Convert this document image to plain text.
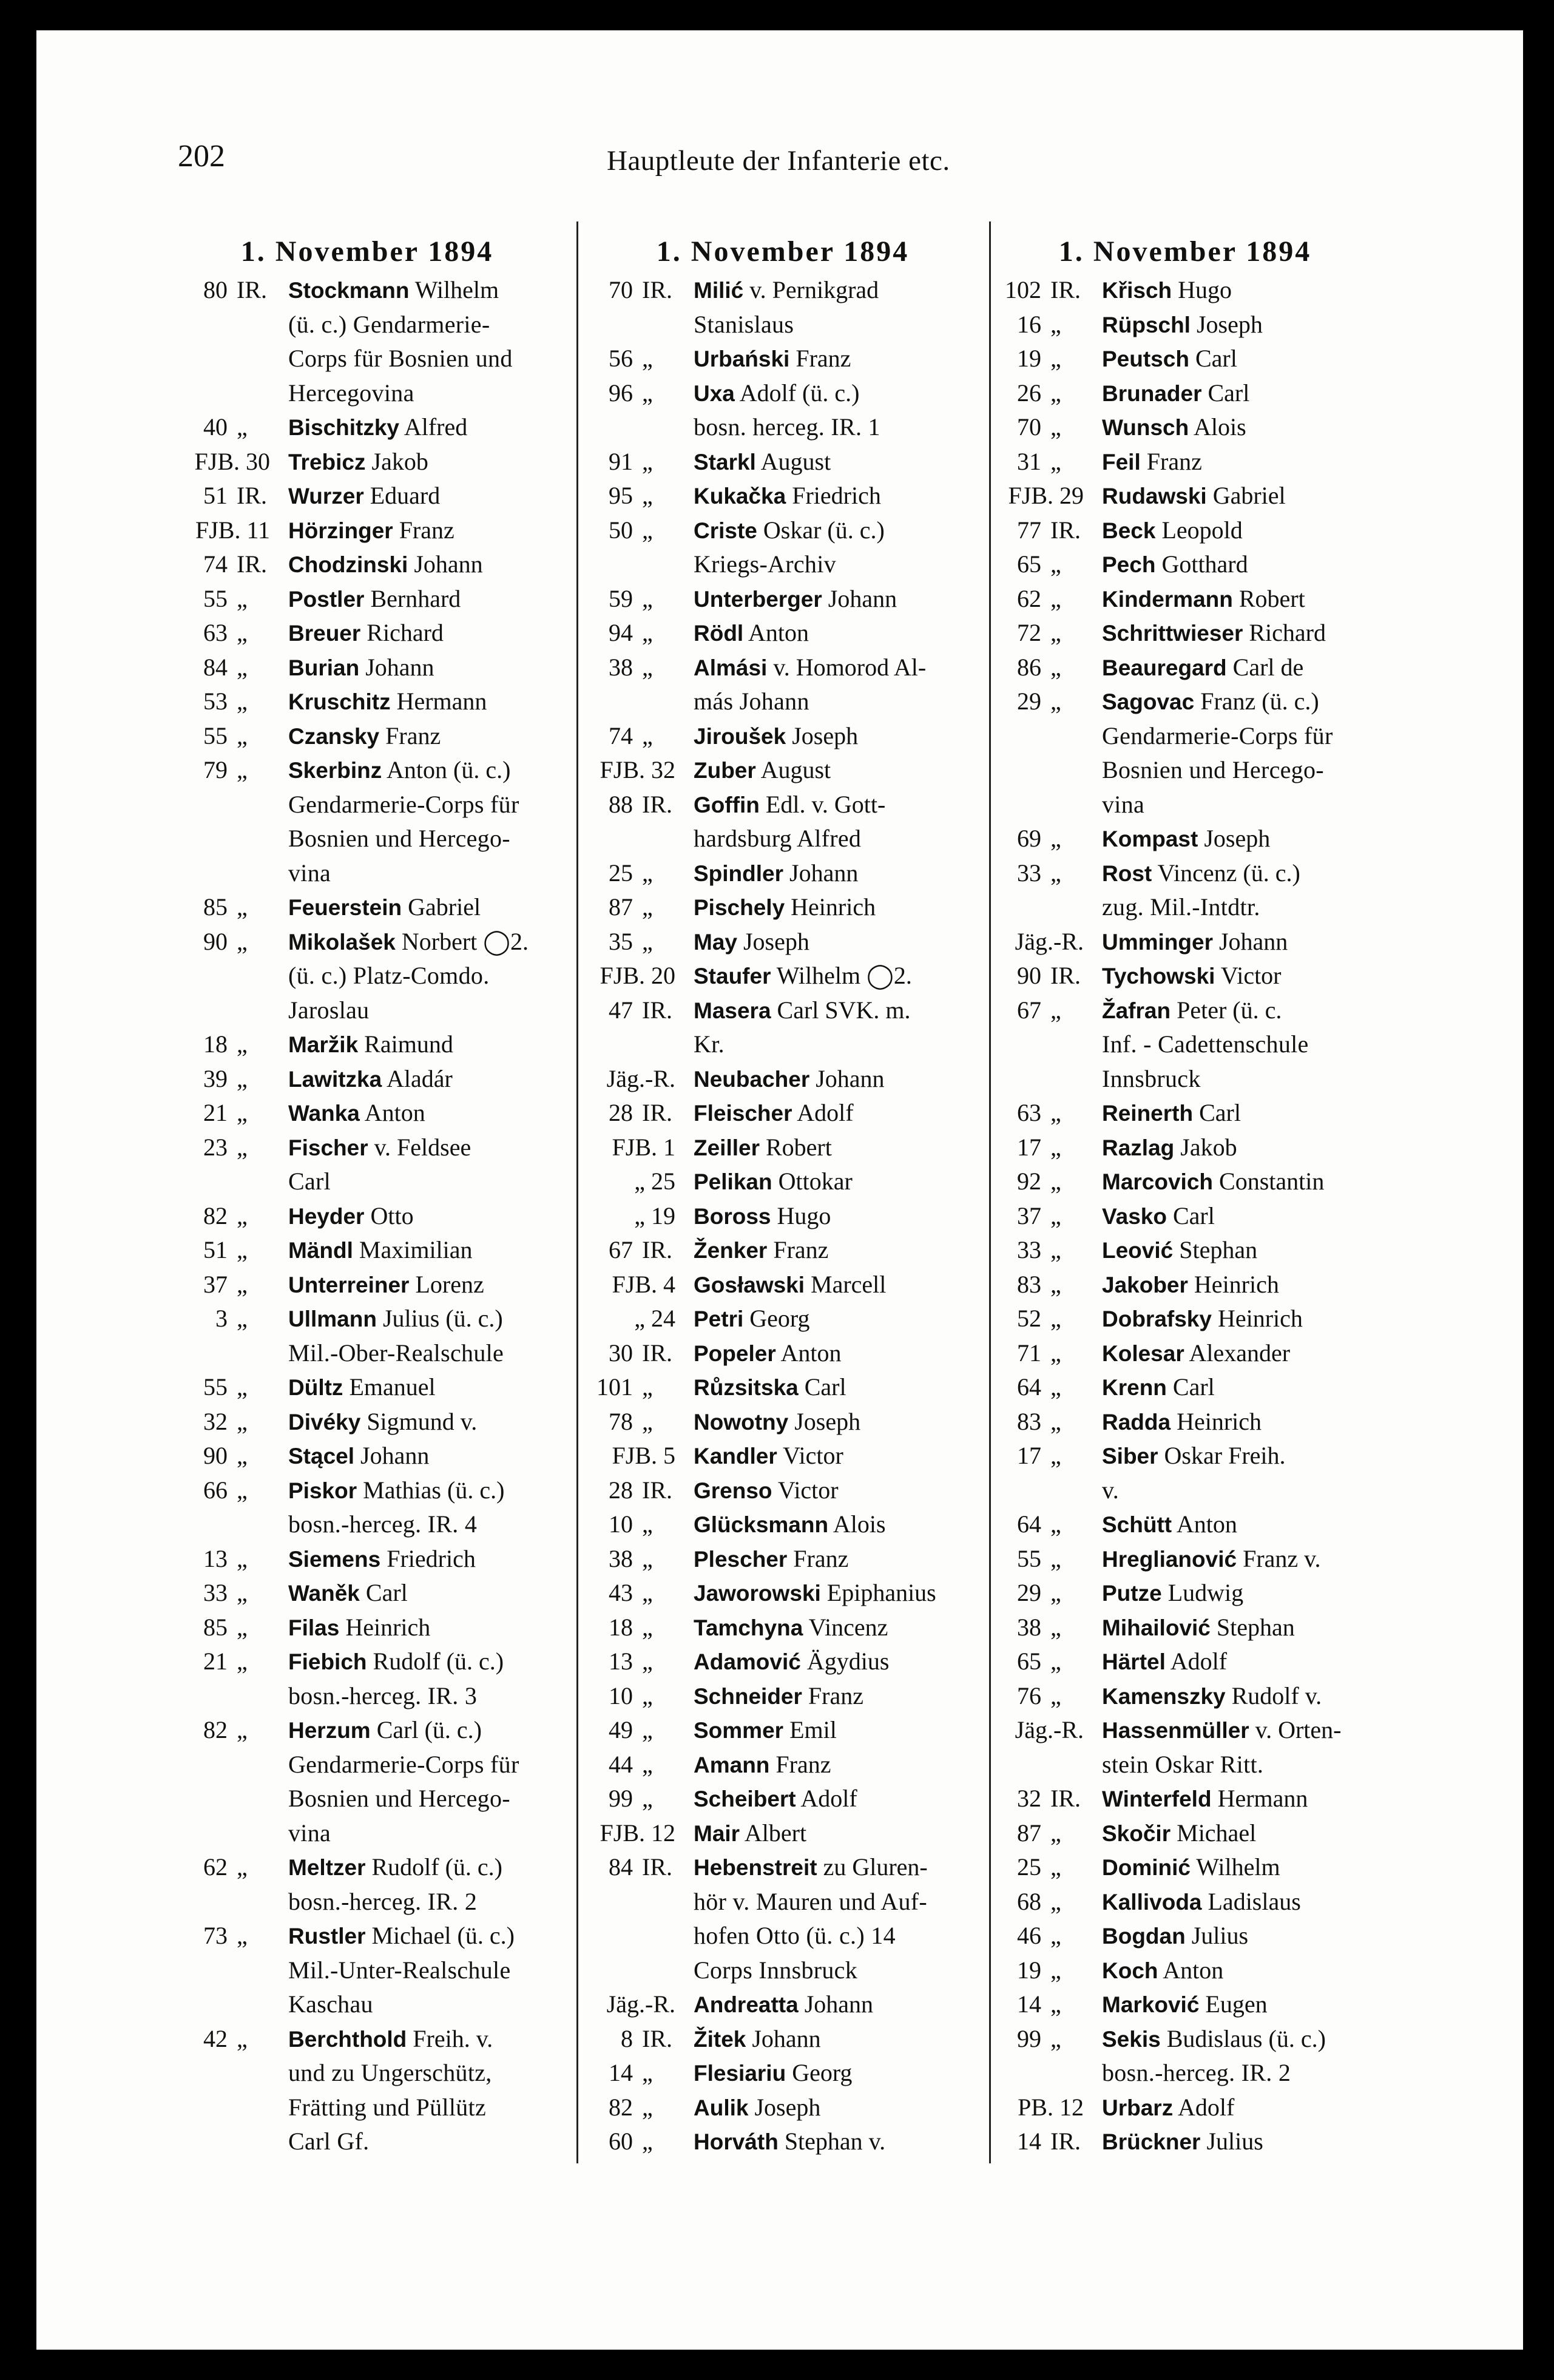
202	Hauptleute der Infanterie etc.
1. November 1894
80 IR. Stockmann Wilhelm
(ü. c.) Gendarmerie-
Corps für Bosnien und
Hercegovina
40 „	Bischitzky Alfred
FJB. 30 Trebicz Jakob
51 IR. Wurzer Eduard
FJB. 11 Hörzinger Franz
74 IR. Chodzinski Johann
55 „	Postler Bernhard
63 „	Breuer Richard
84 „	Burian Johann
53 „	Kruschitz Hermann
55 „	Czansky Franz
79 „	Skerbinz Anton (ü. c.)
Gendarmerie-Corps für
Bosnien und Hercego-
vina
85 „	Feuerstein Gabriel
90 „	Mikolašek Norbert ◯2.
(ü. c.) Platz-Comdo.
Jaroslau
18 „	Maržik Raimund
39 „	Lawitzka Aladár
21 „	Wanka Anton
23 „	Fischer v. Feldsee
Carl
82 „	Heyder Otto
51 „	Mändl Maximilian
37 „	Unterreiner Lorenz
3 „	Ullmann Julius (ü. c.)
Mil.-Ober-Realschule
55 „	Dültz Emanuel
32 „	Divéky Sigmund v.
90 „	Stącel Johann
66 „	Piskor Mathias (ü. c.)
bosn.-herceg. IR. 4
13 „	Siemens Friedrich
33 „	Waněk Carl
85 „	Filas Heinrich
21 „	Fiebich Rudolf (ü. c.)
bosn.-herceg. IR. 3
82 „	Herzum Carl (ü. c.)
Gendarmerie-Corps für
Bosnien und Hercego-
vina
62 „	Meltzer Rudolf (ü. c.)
bosn.-herceg. IR. 2
73 „	Rustler Michael (ü. c.)
Mil.-Unter-Realschule
Kaschau
42 „	Berchthold Freih. v.
und zu Ungerschütz,
Frätting und Püllütz
Carl Gf.
1. November 1894
70 IR. Milić v. Pernikgrad
Stanislaus
56 „	Urbański Franz
96 „	Uxa Adolf (ü. c.)
bosn. herceg. IR. 1
91 „	Starkl August
95 „	Kukačka Friedrich
50 „	Criste Oskar (ü. c.)
Kriegs-Archiv
59 „	Unterberger Johann
94 „	Rödl Anton
38 „	Almási v. Homorod Al-
más Johann
74 „	Jiroušek Joseph
FJB. 32 Zuber August
88 IR. Goffin Edl. v. Gott-
hardsburg Alfred
25 „	Spindler Johann
87 „	Pischely Heinrich
35 „	May Joseph
FJB. 20 Staufer Wilhelm ◯2.
47 IR. Masera Carl SVK. m.
Kr.
Jäg.-R. Neubacher Johann
28 IR. Fleischer Adolf
FJB. 1 Zeiller Robert
„ 25 Pelikan Ottokar
„ 19 Boross Hugo
67 IR. Ženker Franz
FJB. 4 Gosławski Marcell
„ 24 Petri Georg
30 IR. Popeler Anton
101 „	Růzsitska Carl
78 „	Nowotny Joseph
FJB. 5 Kandler Victor
28 IR. Grenso Victor
10 „	Glücksmann Alois
38 „	Plescher Franz
43 „	Jaworowski Epiphanius
18 „	Tamchyna Vincenz
13 „	Adamović Ägydius
10 „	Schneider Franz
49 „	Sommer Emil
44 „	Amann Franz
99 „	Scheibert Adolf
FJB. 12 Mair Albert
84 IR. Hebenstreit zu Gluren-
hör v. Mauren und Auf-
hofen Otto (ü. c.) 14
Corps Innsbruck
Jäg.-R. Andreatta Johann
8 IR. Žitek Johann
14 „	Flesiariu Georg
82 „	Aulik Joseph
60 „	Horváth Stephan v.
1. November 1894
102 IR. Křisch Hugo
16 „	Rüpschl Joseph
19 „	Peutsch Carl
26 „	Brunader Carl
70 „	Wunsch Alois
31 „	Feil Franz
FJB. 29 Rudawski Gabriel
77 IR. Beck Leopold
65 „	Pech Gotthard
62 „	Kindermann Robert
72 „	Schrittwieser Richard
86 „	Beauregard Carl de
29 „	Sagovac Franz (ü. c.)
Gendarmerie-Corps für
Bosnien und Hercego-
vina
69 „	Kompast Joseph
33 „	Rost Vincenz (ü. c.)
zug. Mil.-Intdtr.
Jäg.-R. Umminger Johann
90 IR. Tychowski Victor
67 „	Žafran Peter (ü. c.
Inf. - Cadettenschule
Innsbruck
63 „	Reinerth Carl
17 „	Razlag Jakob
92 „	Marcovich Constantin
37 „	Vasko Carl
33 „	Leović Stephan
83 „	Jakober Heinrich
52 „	Dobrafsky Heinrich
71 „	Kolesar Alexander
64 „	Krenn Carl
83 „	Radda Heinrich
17 „	Siber Oskar Freih.
v.
64 „	Schütt Anton
55 „	Hreglianović Franz v.
29 „	Putze Ludwig
38 „	Mihailović Stephan
65 „	Härtel Adolf
76 „	Kamenszky Rudolf v.
Jäg.-R. Hassenmüller v. Orten-
stein Oskar Ritt.
32 IR. Winterfeld Hermann
87 „	Skočir Michael
25 „	Dominić Wilhelm
68 „	Kallivoda Ladislaus
46 „	Bogdan Julius
19 „	Koch Anton
14 „	Marković Eugen
99 „	Sekis Budislaus (ü. c.)
bosn.-herceg. IR. 2
PB. 12 Urbarz Adolf
14 IR. Brückner Julius
